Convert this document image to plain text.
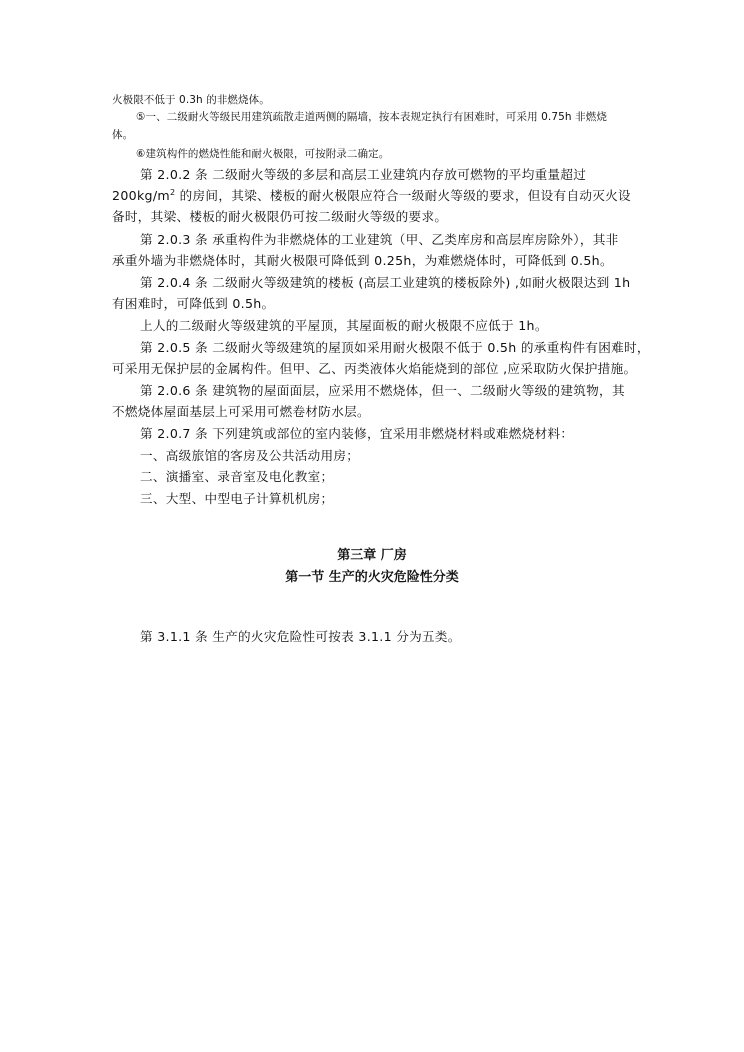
火极限不低于 0.3h 的非燃烧体。
⑤一、二级耐火等级民用建筑疏散走道两侧的隔墙，按本表规定执行有困难时，可采用 0.75h 非燃烧
体。
⑥建筑构件的燃烧性能和耐火极限，可按附录二确定。
第 2.0.2 条 二级耐火等级的多层和高层工业建筑内存放可燃物的平均重量超过
$200kg/m^2$ 的房间，其梁、楼板的耐火极限应符合一级耐火等级的要求，但设有自动灭火设
备时，其梁、楼板的耐火极限仍可按二级耐火等级的要求。
第 2.0.3 条 承重构件为非燃烧体的工业建筑（甲、乙类库房和高层库房除外），其非
承重外墙为非燃烧体时，其耐火极限可降低到 0.25h，为难燃烧体时，可降低到 0.5h。
第 2.0.4 条 二级耐火等级建筑的楼板 (高层工业建筑的楼板除外) ,如耐火极限达到 1h
有困难时，可降低到 0.5h。
上人的二级耐火等级建筑的平屋顶，其屋面板的耐火极限不应低于 1h。
第 2.0.5 条 二级耐火等级建筑的屋顶如采用耐火极限不低于 0.5h 的承重构件有困难时，
可采用无保护层的金属构件。但甲、乙、丙类液体火焰能烧到的部位 ,应采取防火保护措施。
第 2.0.6 条 建筑物的屋面面层，应采用不燃烧体，但一、二级耐火等级的建筑物，其
不燃烧体屋面基层上可采用可燃卷材防水层。
第 2.0.7 条 下列建筑或部位的室内装修，宜采用非燃烧材料或难燃烧材料：
一、高级旅馆的客房及公共活动用房；
二、演播室、录音室及电化教室；
三、大型、中型电子计算机机房；
第三章 厂房
第一节 生产的火灾危险性分类
第 3.1.1 条 生产的火灾危险性可按表 3.1.1 分为五类。
